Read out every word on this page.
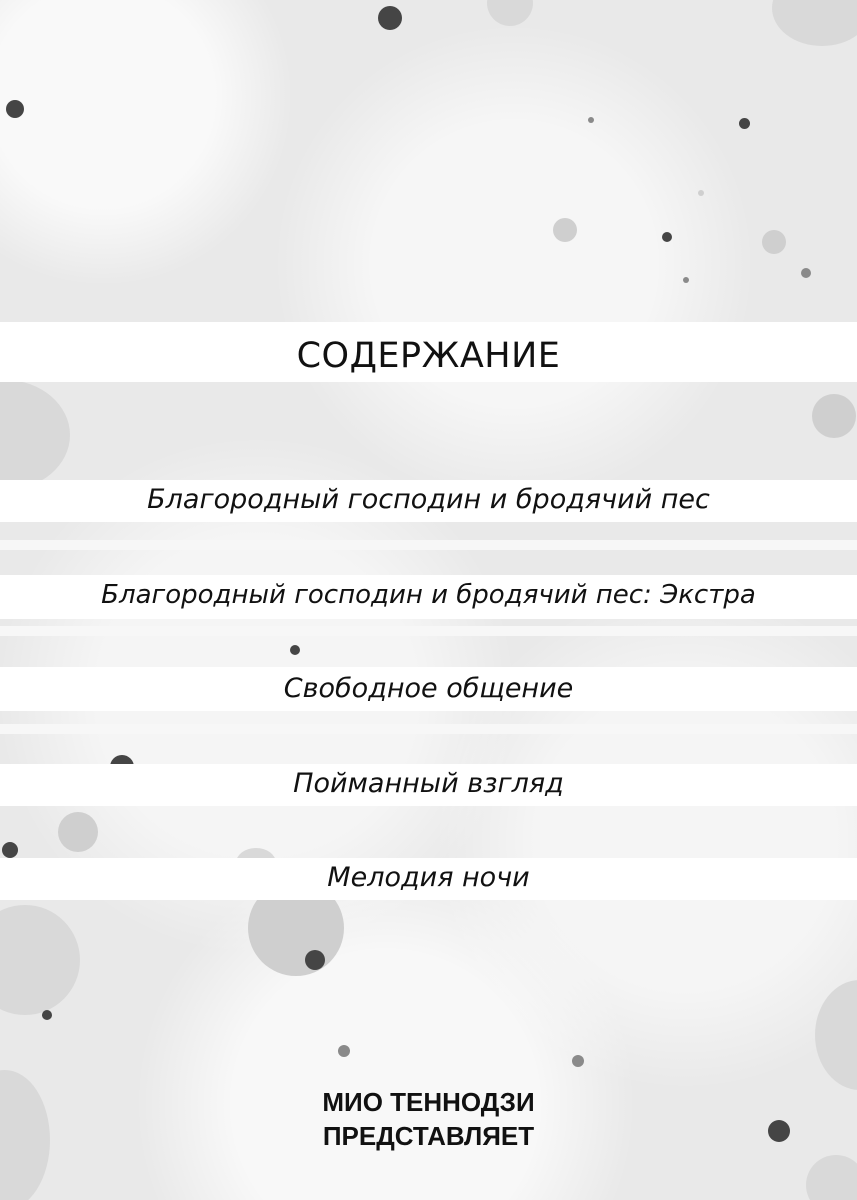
СОДЕРЖАНИЕ
Благородный господин и бродячий пес
Благородный господин и бродячий пес: Экстра
Свободное общение
Пойманный взгляд
Мелодия ночи
МИО ТЕННОДЗИ
ПРЕДСТАВЛЯЕТ
